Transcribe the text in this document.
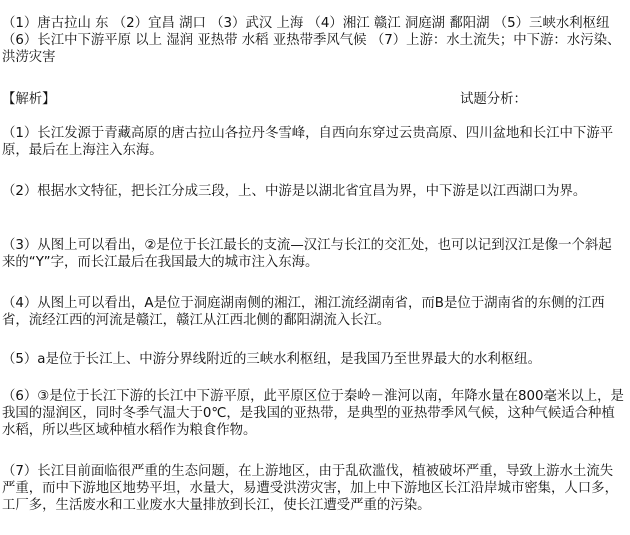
（1）唐古拉山 东 （2）宜昌 湖口 （3）武汉 上海 （4）湘江 赣江 洞庭湖 鄱阳湖 （5）三峡水利枢纽 （6）长江中下游平原 以上 湿润 亚热带 水稻 亚热带季风气候 （7）上游：水土流失；中下游：水污染、洪涝灾害

【解析】	试题分析：

（1）长江发源于青藏高原的唐古拉山各拉丹冬雪峰，自西向东穿过云贵高原、四川盆地和长江中下游平原，最后在上海注入东海。

（2）根据水文特征，把长江分成三段，上、中游是以湖北省宜昌为界，中下游是以江西湖口为界。

（3）从图上可以看出，②是位于长江最长的支流—汉江与长江的交汇处，也可以记到汉江是像一个斜起来的“Y”字，而长江最后在我国最大的城市注入东海。

（4）从图上可以看出，A是位于洞庭湖南侧的湘江，湘江流经湖南省，而B是位于湖南省的东侧的江西省，流经江西的河流是赣江，赣江从江西北侧的鄱阳湖流入长江。

（5）a是位于长江上、中游分界线附近的三峡水利枢纽，是我国乃至世界最大的水利枢纽。

（6）③是位于长江下游的长江中下游平原，此平原区位于秦岭－淮河以南，年降水量在800毫米以上，是我国的湿润区，同时冬季气温大于0℃，是我国的亚热带，是典型的亚热带季风气候，这种气候适合种植水稻，所以些区域种植水稻作为粮食作物。

（7）长江目前面临很严重的生态问题，在上游地区，由于乱砍滥伐，植被破坏严重，导致上游水土流失严重，而中下游地区地势平坦，水量大，易遭受洪涝灾害，加上中下游地区长江沿岸城市密集，人口多，工厂多，生活废水和工业废水大量排放到长江，使长江遭受严重的污染。
